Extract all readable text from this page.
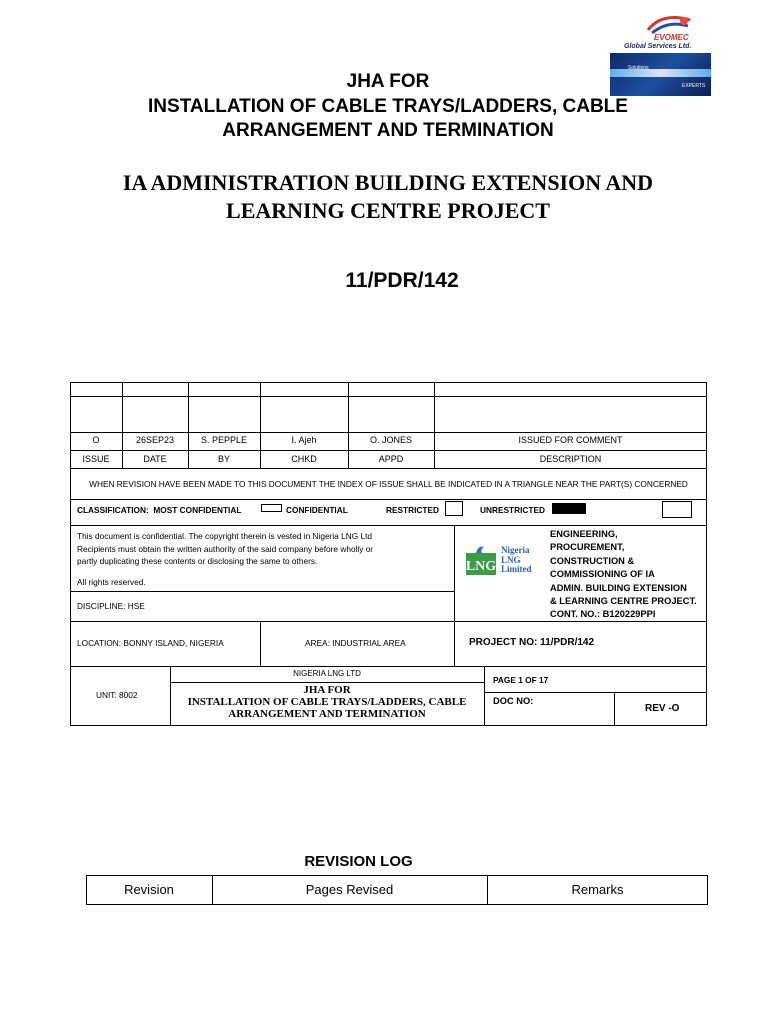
EVOMEC
Global Services Ltd.
Solutions
EXPERTS
JHA FOR
INSTALLATION OF CABLE TRAYS/LADDERS, CABLE
ARRANGEMENT AND TERMINATION
IA ADMINISTRATION BUILDING EXTENSION AND
LEARNING CENTRE PROJECT
11/PDR/142
O	26SEP23	S. PEPPLE	I. Ajeh	O. JONES	ISSUED FOR COMMENT
ISSUE	DATE	BY	CHKD	APPD	DESCRIPTION
WHEN REVISION HAVE BEEN MADE TO THIS DOCUMENT THE INDEX OF ISSUE SHALL BE INDICATED IN A TRIANGLE NEAR THE PART(S) CONCERNED
CLASSIFICATION: MOST CONFIDENTIAL	CONFIDENTIAL	RESTRICTED	UNRESTRICTED
This document is confidential. The copyright therein is vested in Nigeria LNG Ltd
Recipients must obtain the written authority of the said company before wholly or
partly duplicating these contents or disclosing the same to others.
All rights reserved.
DISCIPLINE: HSE
LNG
Nigeria
LNG
Limited
ENGINEERING,
PROCUREMENT,
CONSTRUCTION &
COMMISSIONING OF IA
ADMIN. BUILDING EXTENSION
& LEARNING CENTRE PROJECT.
CONT. NO.: B120229PPI
LOCATION: BONNY ISLAND, NIGERIA	AREA: INDUSTRIAL AREA	PROJECT NO: 11/PDR/142
NIGERIA LNG LTD
UNIT: 8002	JHA FOR
INSTALLATION OF CABLE TRAYS/LADDERS, CABLE
ARRANGEMENT AND TERMINATION
PAGE 1 OF 17
DOC NO:
REV -O
REVISION LOG
Revision	Pages Revised	Remarks
